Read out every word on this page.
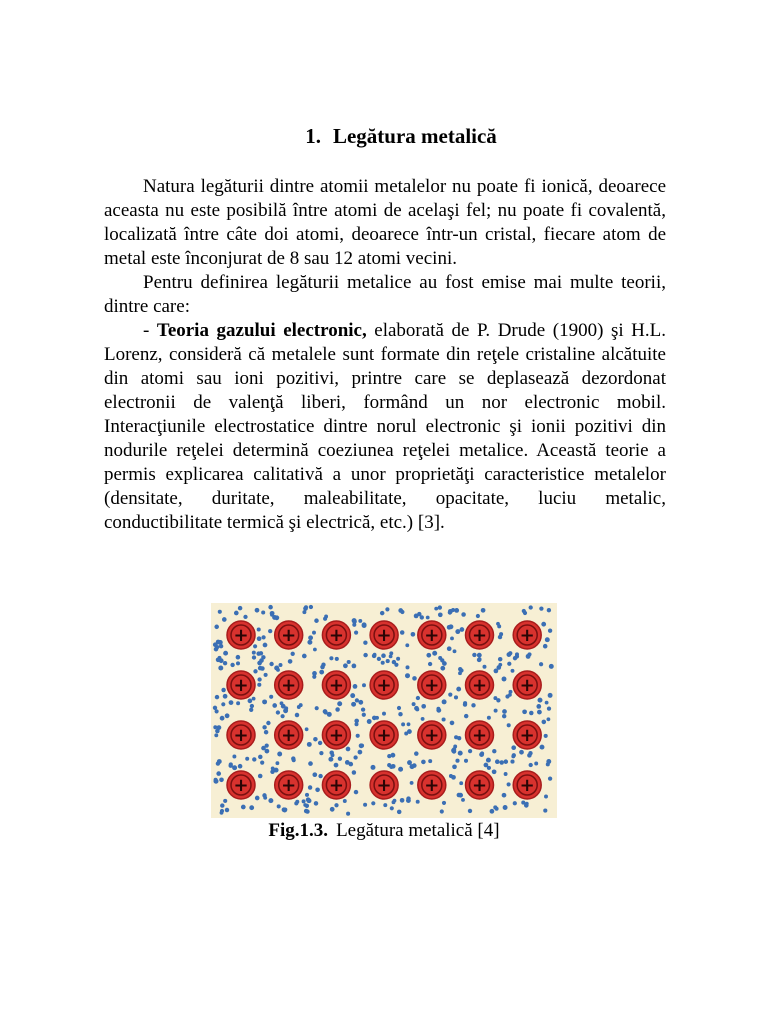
1. Legătura metalică

Natura legăturii dintre atomii metalelor nu poate fi ionică, deoarece aceasta nu este posibilă între atomi de acelaşi fel; nu poate fi covalentă, localizată între câte doi atomi, deoarece într-un cristal, fiecare atom de metal este înconjurat de 8 sau 12 atomi vecini.

Pentru definirea legăturii metalice au fost emise mai multe teorii, dintre care:

- Teoria gazului electronic, elaborată de P. Drude (1900) şi H.L. Lorenz, consideră că metalele sunt formate din reţele cristaline alcătuite din atomi sau ioni pozitivi, printre care se deplasează dezordonat electronii de valenţă liberi, formând un nor electronic mobil. Interacţiunile electrostatice dintre norul electronic şi ionii pozitivi din nodurile reţelei determină coeziunea reţelei metalice. Această teorie a permis explicarea calitativă a unor proprietăţi caracteristice metalelor (densitate, duritate, maleabilitate, opacitate, luciu metalic, conductibilitate termică şi electrică, etc.) [3].

+ + + + + + +
+ + + + + + +
+ + + + + + +
+ + + + + + +
Fig.1.3. Legătura metalică [4]
